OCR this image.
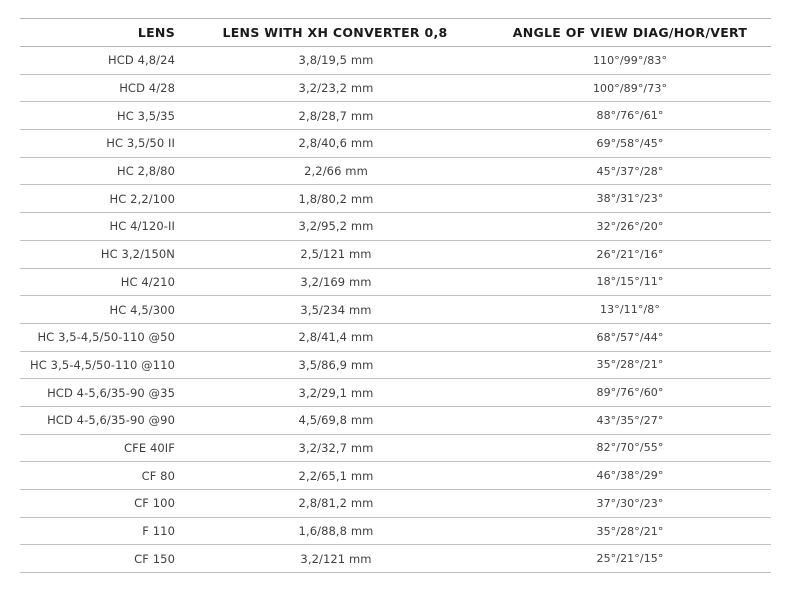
LENS	LENS WITH XH CONVERTER 0,8	ANGLE OF VIEW DIAG/HOR/VERT
HCD 4,8/24	3,8/19,5 mm	110°/99°/83°
HCD 4/28	3,2/23,2 mm	100°/89°/73°
HC 3,5/35	2,8/28,7 mm	88°/76°/61°
HC 3,5/50 II	2,8/40,6 mm	69°/58°/45°
HC 2,8/80	2,2/66 mm	45°/37°/28°
HC 2,2/100	1,8/80,2 mm	38°/31°/23°
HC 4/120-II	3,2/95,2 mm	32°/26°/20°
HC 3,2/150N	2,5/121 mm	26°/21°/16°
HC 4/210	3,2/169 mm	18°/15°/11°
HC 4,5/300	3,5/234 mm	13°/11°/8°
HC 3,5-4,5/50-110 @50	2,8/41,4 mm	68°/57°/44°
HC 3,5-4,5/50-110 @110	3,5/86,9 mm	35°/28°/21°
HCD 4-5,6/35-90 @35	3,2/29,1 mm	89°/76°/60°
HCD 4-5,6/35-90 @90	4,5/69,8 mm	43°/35°/27°
CFE 40IF	3,2/32,7 mm	82°/70°/55°
CF 80	2,2/65,1 mm	46°/38°/29°
CF 100	2,8/81,2 mm	37°/30°/23°
F 110	1,6/88,8 mm	35°/28°/21°
CF 150	3,2/121 mm	25°/21°/15°
